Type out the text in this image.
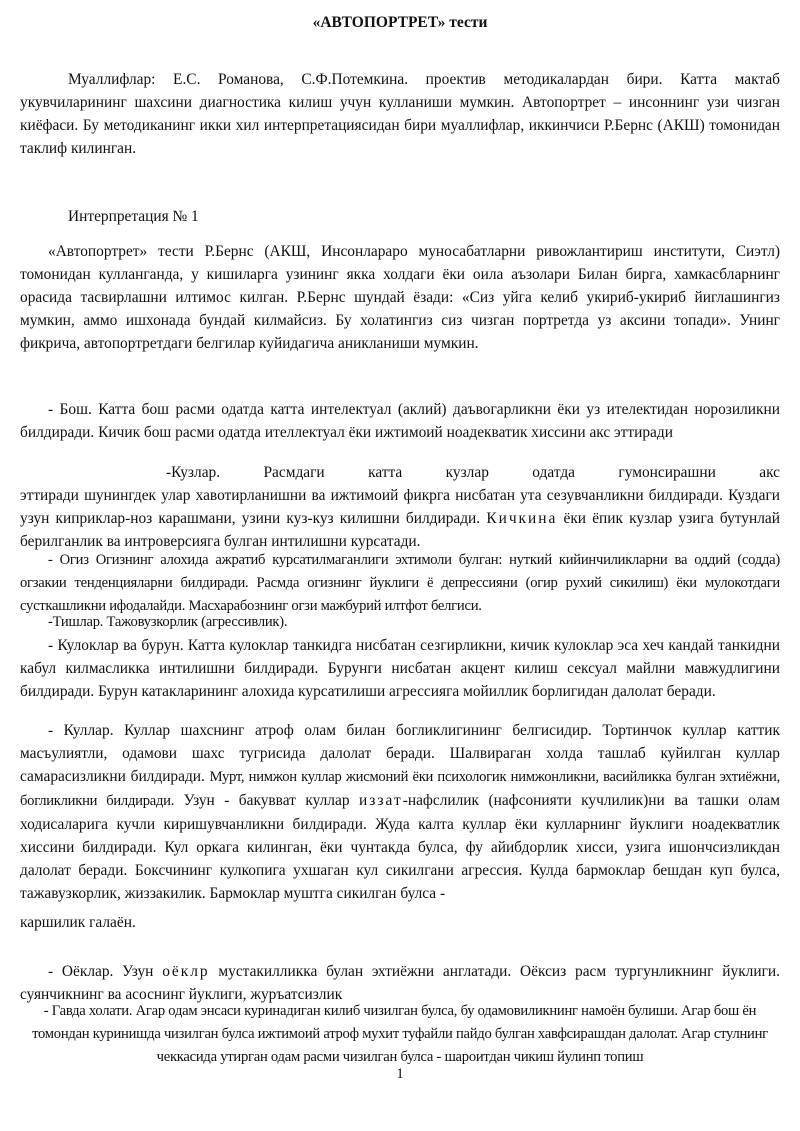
«АВТОПОРТРЕТ» тести

Муаллифлар: Е.С. Романова, С.Ф.Потемкина. проектив методикалардан бири. Катта мактаб укувчиларининг шахсини диагностика килиш учун кулланиши мумкин. Автопортрет – инсоннинг узи чизган киёфаси. Бу методиканинг икки хил интерпретациясидан бири муаллифлар, иккинчиси Р.Бернс (АКШ) томонидан таклиф килинган.

Интерпретация № 1

«Автопортрет» тести Р.Бернс (АКШ, Инсонлараро муносабатларни ривожлантириш институти, Сиэтл) томонидан кулланганда, у кишиларга узининг якка холдаги ёки оила аъзолари Билан бирга, хамкасбларнинг орасида тасвирлашни илтимос килган. Р.Бернс шундай ёзади: «Сиз уйга келиб укириб-укириб йиглашингиз мумкин, аммо ишхонада бундай килмайсиз. Бу холатингиз сиз чизган портретда уз аксини топади». Унинг фикрича, автопортретдаги белгилар куйидагича аникланиши мумкин.

- Бош. Катта бош расми одатда катта интелектуал (аклий) даъвогарликни ёки уз ителектидан норозиликни билдиради. Кичик бош расми одатда ителлектуал ёки ижтимоий ноадекватик хиссини акс эттиради

-Кузлар. Расмдаги катта кузлар одатда гумонсирашни акс

эттиради шунингдек улар хавотирланишни ва ижтимоий фикрга нисбатан ута сезувчанликни билдиради. Куздаги узун киприклар-ноз карашмани, узини куз-куз килишни билдиради. Кичкина ёки ёпик кузлар узига бутунлай берилганлик ва интроверсияга булган интилишни курсатади.

- Огиз Огизнинг алохида ажратиб курсатилмаганлиги эхтимоли булган: нуткий кийинчиликларни ва оддий (содда) огзакии тенденцияларни билдиради. Расмда огизнинг йуклиги ё депрессияни (огир рухий сикилиш) ёки мулокотдаги сусткашликни ифодалайди. Масхарабознинг огзи мажбурий илтфот белгиси.

-Тишлар. Тажовузкорлик (агрессивлик).

- Кулоклар ва бурун. Катта кулоклар танкидга нисбатан сезгирликни, кичик кулоклар эса хеч кандай танкидни кабул килмасликка интилишни билдиради. Бурунги нисбатан акцент килиш сексуал майлни мавжудлигини билдиради. Бурун катакларининг алохида курсатилиши агрессияга мойиллик борлигидан далолат беради.

- Куллар. Куллар шахснинг атроф олам билан богликлигининг белгисидир. Тортинчок куллар каттик масъулиятли, одамови шахс тугрисида далолат беради. Шалвираган холда ташлаб куйилган куллар самарасизликни билдиради. Мурт, нимжон куллар жисмоний ёки психологик нимжонликни, васийликка булган эхтиёжни, богликликни билдиради. Узун - бакувват куллар иззат-нафслилик (нафсонияти кучлилик)ни ва ташки олам ходисаларига кучли киришувчанликни билдиради. Жуда калта куллар ёки кулларнинг йуклиги ноадекватлик хиссини билдиради. Кул оркага килинган, ёки чунтакда булса, фу айибдорлик хисси, узига ишончсизликдан далолат беради. Боксчининг кулкопига ухшаган кул сикилгани агрессия. Кулда бармоклар бешдан куп булса, тажавузкорлик, жиззакилик. Бармоклар муштга сикилган булса -

каршилик галаён.

- Оёклар. Узун оёклр мустакилликка булан эхтиёжни англатади. Оёксиз расм тургунликнинг йуклиги. суянчикнинг ва асоснинг йуклиги, журъатсизлик

- Гавда холати. Агар одам энсаси куринадиган килиб чизилган булса, бу одамовиликнинг намоён булиши. Агар бош ён томондан куринишда чизилган булса ижтимоий атроф мухит туфайли пайдо булган хавфсирашдан далолат. Агар стулнинг чеккасида утирган одам расми чизилган булса - шароитдан чикиш йулинп топиш

1
